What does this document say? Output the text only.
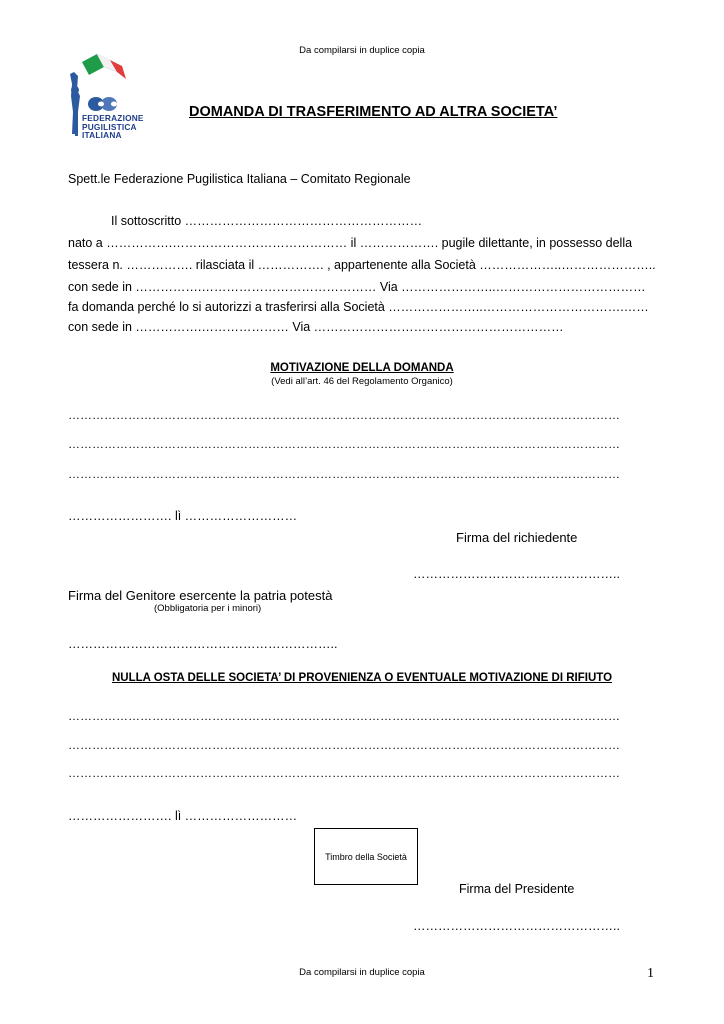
Da compilarsi in duplice copia
FEDERAZIONE
PUGILISTICA
ITALIANA
DOMANDA DI TRASFERIMENTO AD ALTRA SOCIETA’
Spett.le Federazione Pugilistica Italiana – Comitato Regionale
Il sottoscritto …………………………………………………
nato a …………….…………………………………… il ………………. pugile dilettante, in possesso della
tessera n. ……………. rilasciata il ……………. , appartenente alla Società ………………..…………………..
con sede in …………….…………………………………… Via …………………..………………………………
fa domanda perché lo si autorizzi a trasferirsi alla Società …………………..…………………………….……
con sede in …………….………………… Via ……………………………………………………
MOTIVAZIONE DELLA DOMANDA
(Vedi all’art. 46 del Regolamento Organico)
…………………………………………………………………………………………………………………………
…………………………………………………………………………………………………………………………
…………………………………………………………………………………………………………………………
……………………. lì ………………………
Firma del richiedente
…………………………………………..
Firma del Genitore esercente la patria potestà
(Obbligatoria per i minori)
………………………………………………………..
NULLA OSTA DELLE SOCIETA’ DI PROVENIENZA O EVENTUALE MOTIVAZIONE DI RIFIUTO
…………………………………………………………………………………………………………………………
…………………………………………………………………………………………………………………………
…………………………………………………………………………………………………………………………
……………………. lì ………………………
Timbro della Società
Firma del Presidente
…………………………………………..
Da compilarsi in duplice copia	1
